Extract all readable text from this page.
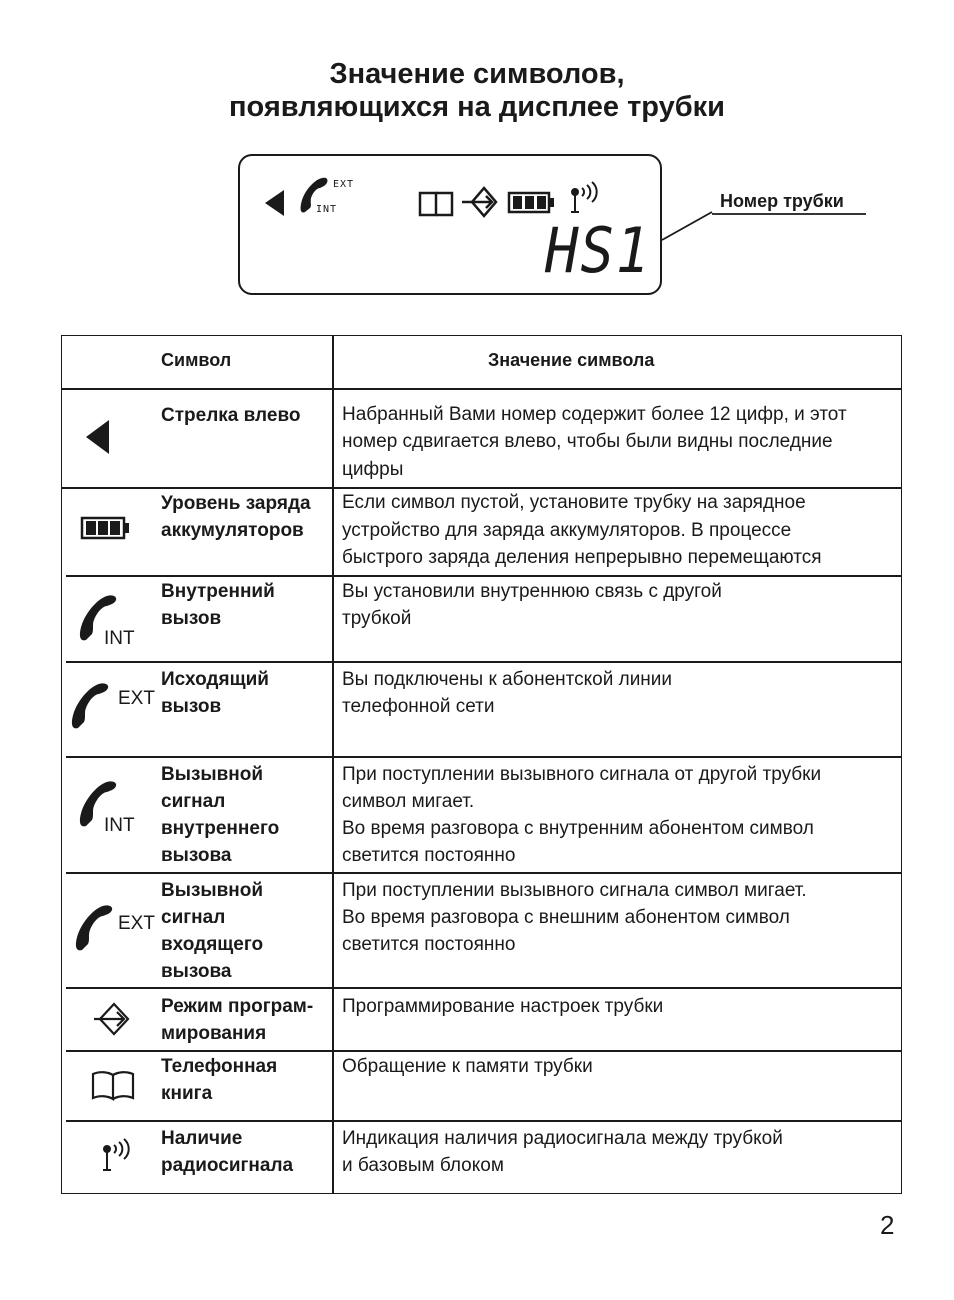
Значение символов,
появляющихся на дисплее трубки
EXT
INT
HS1
Номер трубки
Символ	Значение символа
INT
EXT
INT
EXT
Стрелка влево Набранный Вами номер содержит более 12 цифр, и этот
номер сдвигается влево, чтобы были видны последние
цифры
Уровень заряда
аккумуляторов
Если символ пустой, установите трубку на зарядное
устройство для заряда аккумуляторов. В процессе
быстрого заряда деления непрерывно перемещаются
Внутренний
вызов
Вы установили внутреннюю связь с другой
трубкой
Исходящий
вызов
Вы подключены к абонентской линии
телефонной сети
Вызывной
сигнал
внутреннего
вызова
При поступлении вызывного сигнала от другой трубки
символ мигает.
Во время разговора с внутренним абонентом символ
светится постоянно
Вызывной
сигнал
входящего
вызова
При поступлении вызывного сигнала символ мигает.
Во время разговора с внешним абонентом символ
светится постоянно
Режим програм-
мирования
Программирование настроек трубки
Телефонная
книга
Обращение к памяти трубки
Наличие
радиосигнала
Индикация наличия радиосигнала между трубкой
и базовым блоком
2
